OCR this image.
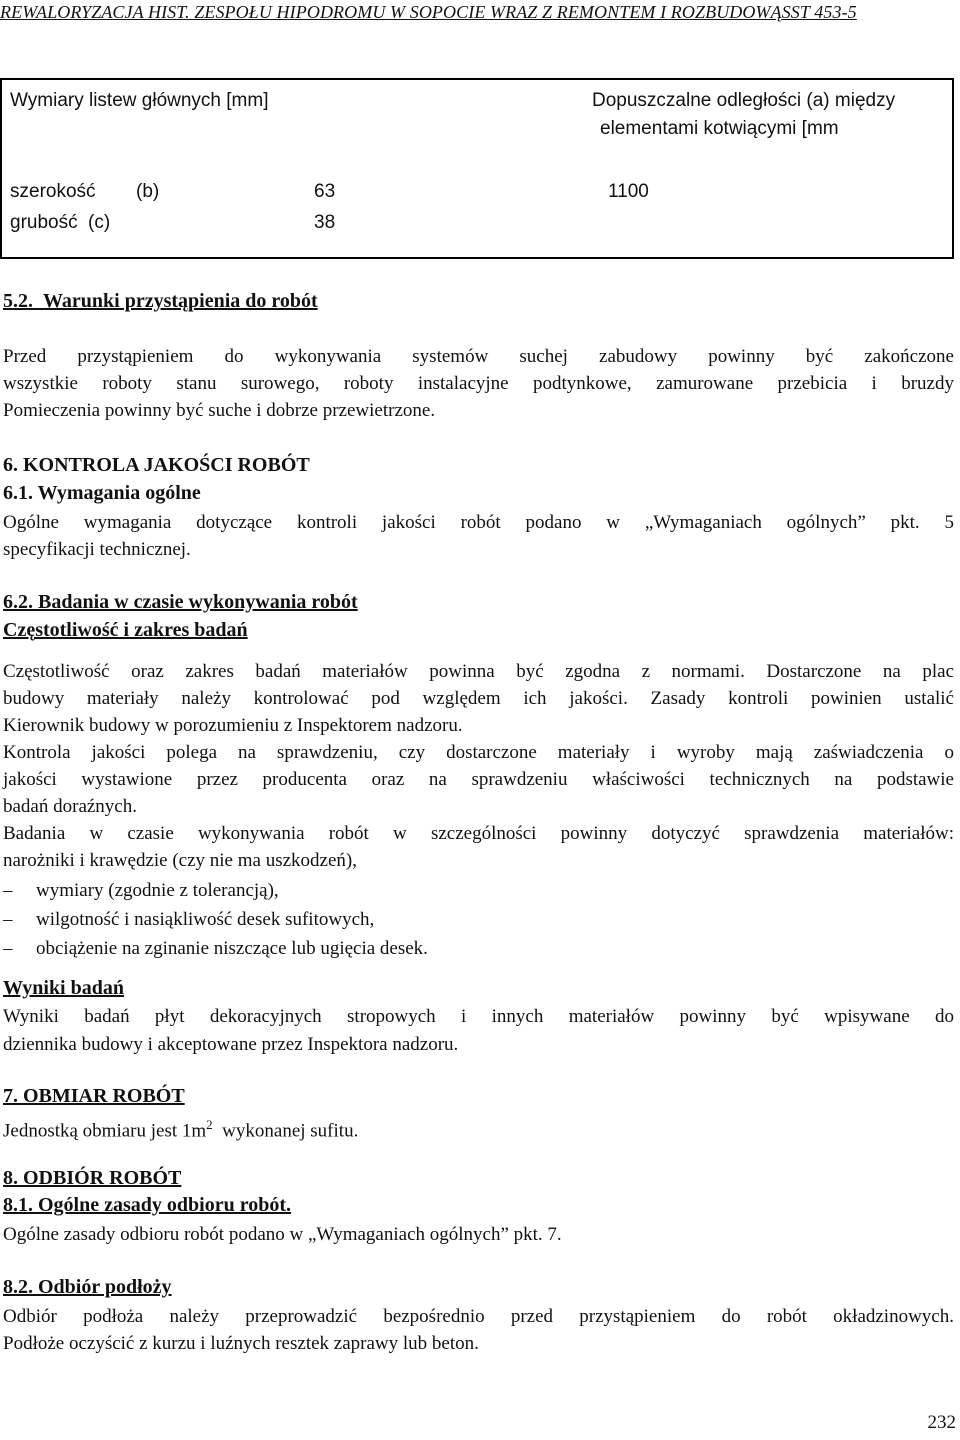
REWALORYZACJA HIST. ZESPOŁU HIPODROMU W SOPOCIE WRAZ Z REMONTEM I ROZBUDOWĄSST 453-5
Wymiary listew głównych [mm]	Dopuszczalne odległości (a) między
elementami kotwiącymi [mm
szerokość (b)	63	1100
grubość (c)	38
5.2. Warunki przystąpienia do robót
Przed przystąpieniem do wykonywania systemów suchej zabudowy powinny być zakończone
wszystkie roboty stanu surowego, roboty instalacyjne podtynkowe, zamurowane przebicia i bruzdy
Pomieczenia powinny być suche i dobrze przewietrzone.
6. KONTROLA JAKOŚCI ROBÓT
6.1. Wymagania ogólne
Ogólne wymagania dotyczące kontroli jakości robót podano w „Wymaganiach ogólnych” pkt. 5
specyfikacji technicznej.
6.2. Badania w czasie wykonywania robót
Częstotliwość i zakres badań
Częstotliwość oraz zakres badań materiałów powinna być zgodna z normami. Dostarczone na plac
budowy materiały należy kontrolować pod względem ich jakości. Zasady kontroli powinien ustalić
Kierownik budowy w porozumieniu z Inspektorem nadzoru.
Kontrola jakości polega na sprawdzeniu, czy dostarczone materiały i wyroby mają zaświadczenia o
jakości wystawione przez producenta oraz na sprawdzeniu właściwości technicznych na podstawie
badań doraźnych.
Badania w czasie wykonywania robót w szczególności powinny dotyczyć sprawdzenia materiałów:
narożniki i krawędzie (czy nie ma uszkodzeń),
– wymiary (zgodnie z tolerancją),
– wilgotność i nasiąkliwość desek sufitowych,
– obciążenie na zginanie niszczące lub ugięcia desek.
Wyniki badań
Wyniki badań płyt dekoracyjnych stropowych i innych materiałów powinny być wpisywane do
dziennika budowy i akceptowane przez Inspektora nadzoru.
7. OBMIAR ROBÓT
Jednostką obmiaru jest $1m^2$  wykonanej sufitu.
8. ODBIÓR ROBÓT
8.1. Ogólne zasady odbioru robót.
Ogólne zasady odbioru robót podano w „Wymaganiach ogólnych” pkt. 7.
8.2. Odbiór podłoży
Odbiór podłoża należy przeprowadzić bezpośrednio przed przystąpieniem do robót okładzinowych.
Podłoże oczyścić z kurzu i luźnych resztek zaprawy lub beton.
232
